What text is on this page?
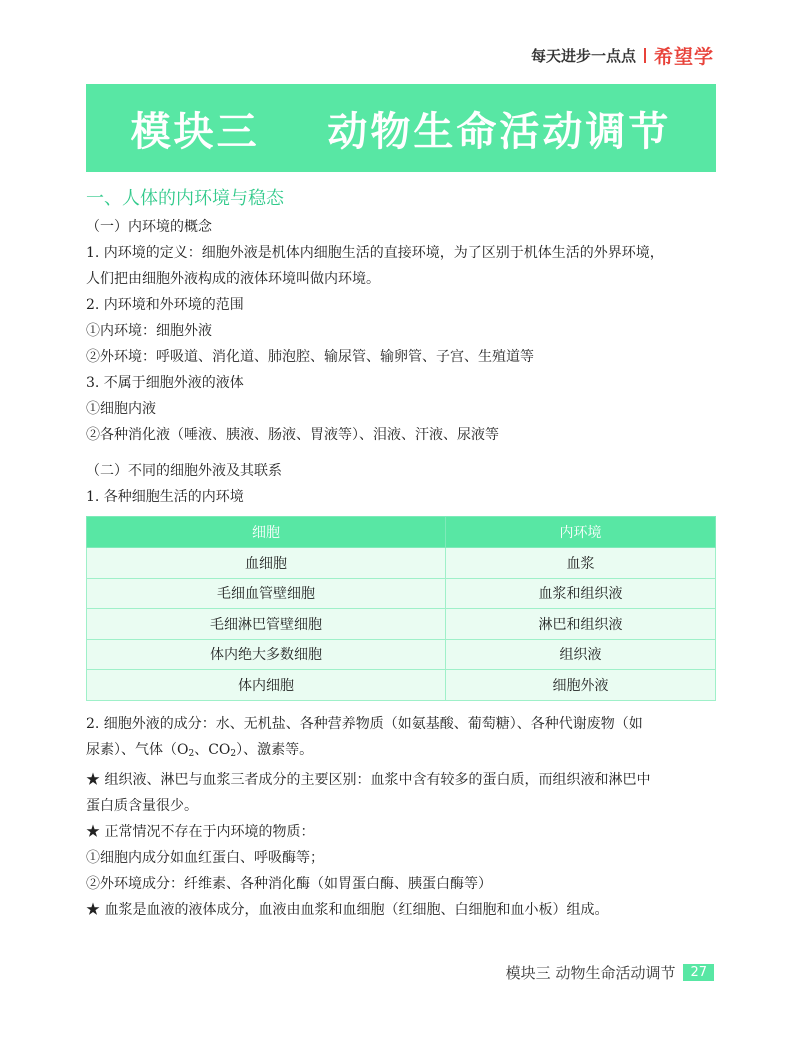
每天进步一点点 希望学
模块三    动物生命活动调节
一、人体的内环境与稳态
（一）内环境的概念
1. 内环境的定义：细胞外液是机体内细胞生活的直接环境，为了区别于机体生活的外界环境，
人们把由细胞外液构成的液体环境叫做内环境。
2. 内环境和外环境的范围
①内环境：细胞外液
②外环境：呼吸道、消化道、肺泡腔、输尿管、输卵管、子宫、生殖道等
3. 不属于细胞外液的液体
①细胞内液
②各种消化液（唾液、胰液、肠液、胃液等）、泪液、汗液、尿液等
（二）不同的细胞外液及其联系
1. 各种细胞生活的内环境
细胞	内环境
血细胞	血浆
毛细血管壁细胞	血浆和组织液
毛细淋巴管壁细胞	淋巴和组织液
体内绝大多数细胞	组织液
体内细胞	细胞外液
2. 细胞外液的成分：水、无机盐、各种营养物质（如氨基酸、葡萄糖）、各种代谢废物（如
尿素）、气体（$O_2$、$CO_2$）、激素等。
★ 组织液、淋巴与血浆三者成分的主要区别：血浆中含有较多的蛋白质，而组织液和淋巴中
蛋白质含量很少。
★ 正常情况不存在于内环境的物质：
①细胞内成分如血红蛋白、呼吸酶等；
②外环境成分：纤维素、各种消化酶（如胃蛋白酶、胰蛋白酶等）
★ 血浆是血液的液体成分，血液由血浆和血细胞（红细胞、白细胞和血小板）组成。
模块三 动物生命活动调节	27
